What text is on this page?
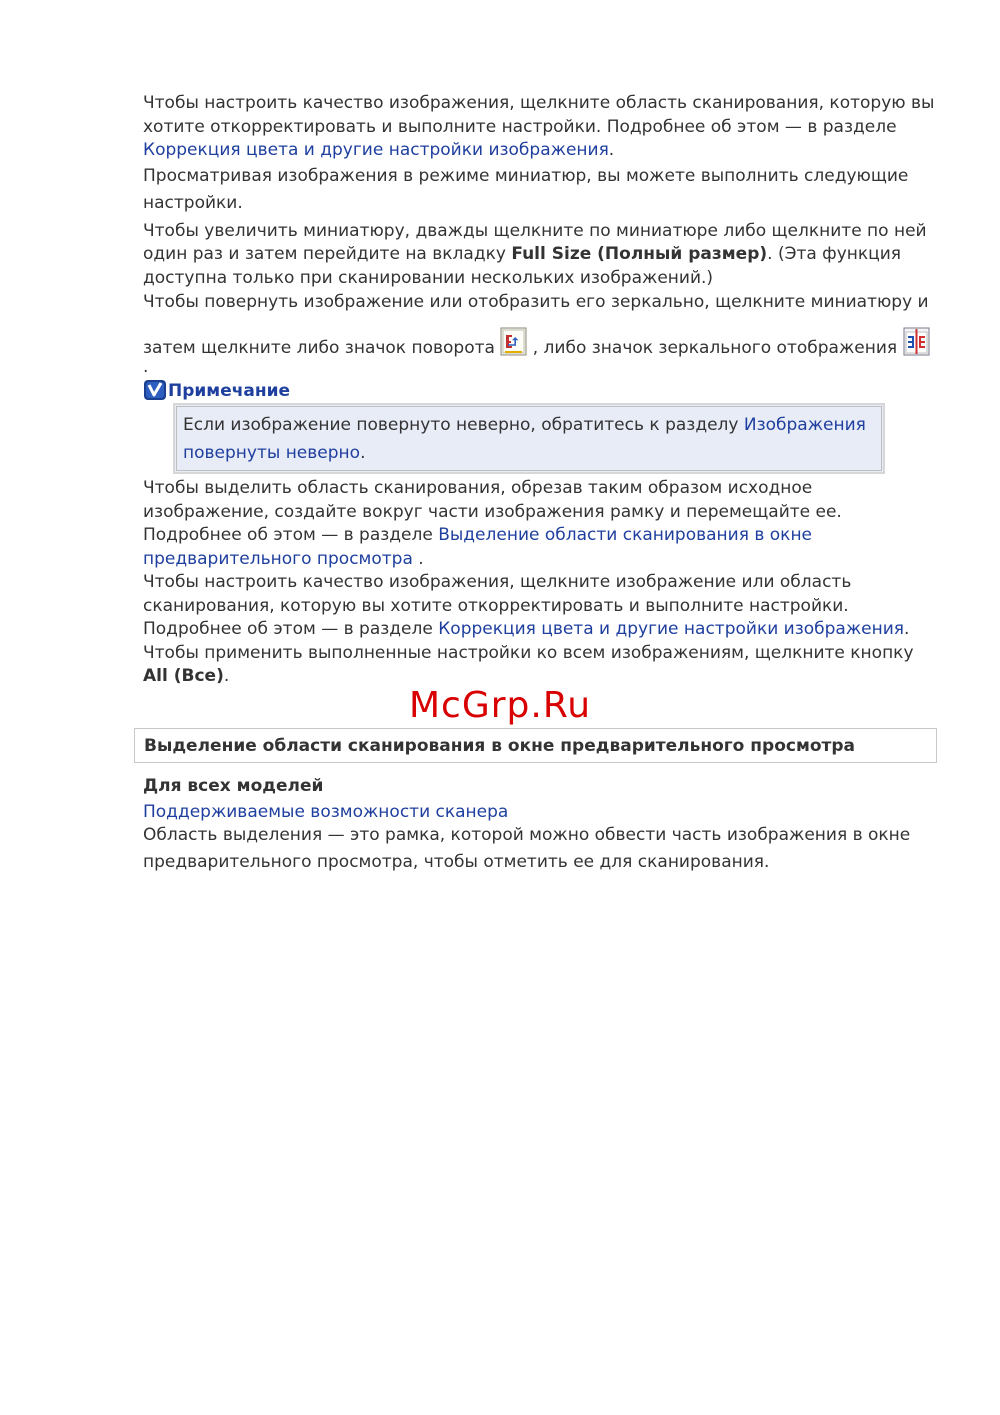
Чтобы настроить качество изображения, щелкните область сканирования, которую вы хотите откорректировать и выполните настройки. Подробнее об этом — в разделе Коррекция цвета и другие настройки изображения.

Просматривая изображения в режиме миниатюр, вы можете выполнить следующие настройки.

Чтобы увеличить миниатюру, дважды щелкните по миниатюре либо щелкните по ней один раз и затем перейдите на вкладку Full Size (Полный размер). (Эта функция доступна только при сканировании нескольких изображений.)

Чтобы повернуть изображение или отобразить его зеркально, щелкните миниатюру и затем щелкните либо значок поворота , либо значок зеркального отображения

.

Примечание
Если изображение повернуто неверно, обратитесь к разделу Изображения повернуты неверно.

Чтобы выделить область сканирования, обрезав таким образом исходное изображение, создайте вокруг части изображения рамку и перемещайте ее. Подробнее об этом — в разделе Выделение области сканирования в окне предварительного просмотра .

Чтобы настроить качество изображения, щелкните изображение или область сканирования, которую вы хотите откорректировать и выполните настройки. Подробнее об этом — в разделе Коррекция цвета и другие настройки изображения.

Чтобы применить выполненные настройки ко всем изображениям, щелкните кнопку All (Все).

McGrp.Ru
Выделение области сканирования в окне предварительного просмотра
Для всех моделей

Поддерживаемые возможности сканера

Область выделения — это рамка, которой можно обвести часть изображения в окне предварительного просмотра, чтобы отметить ее для сканирования.
